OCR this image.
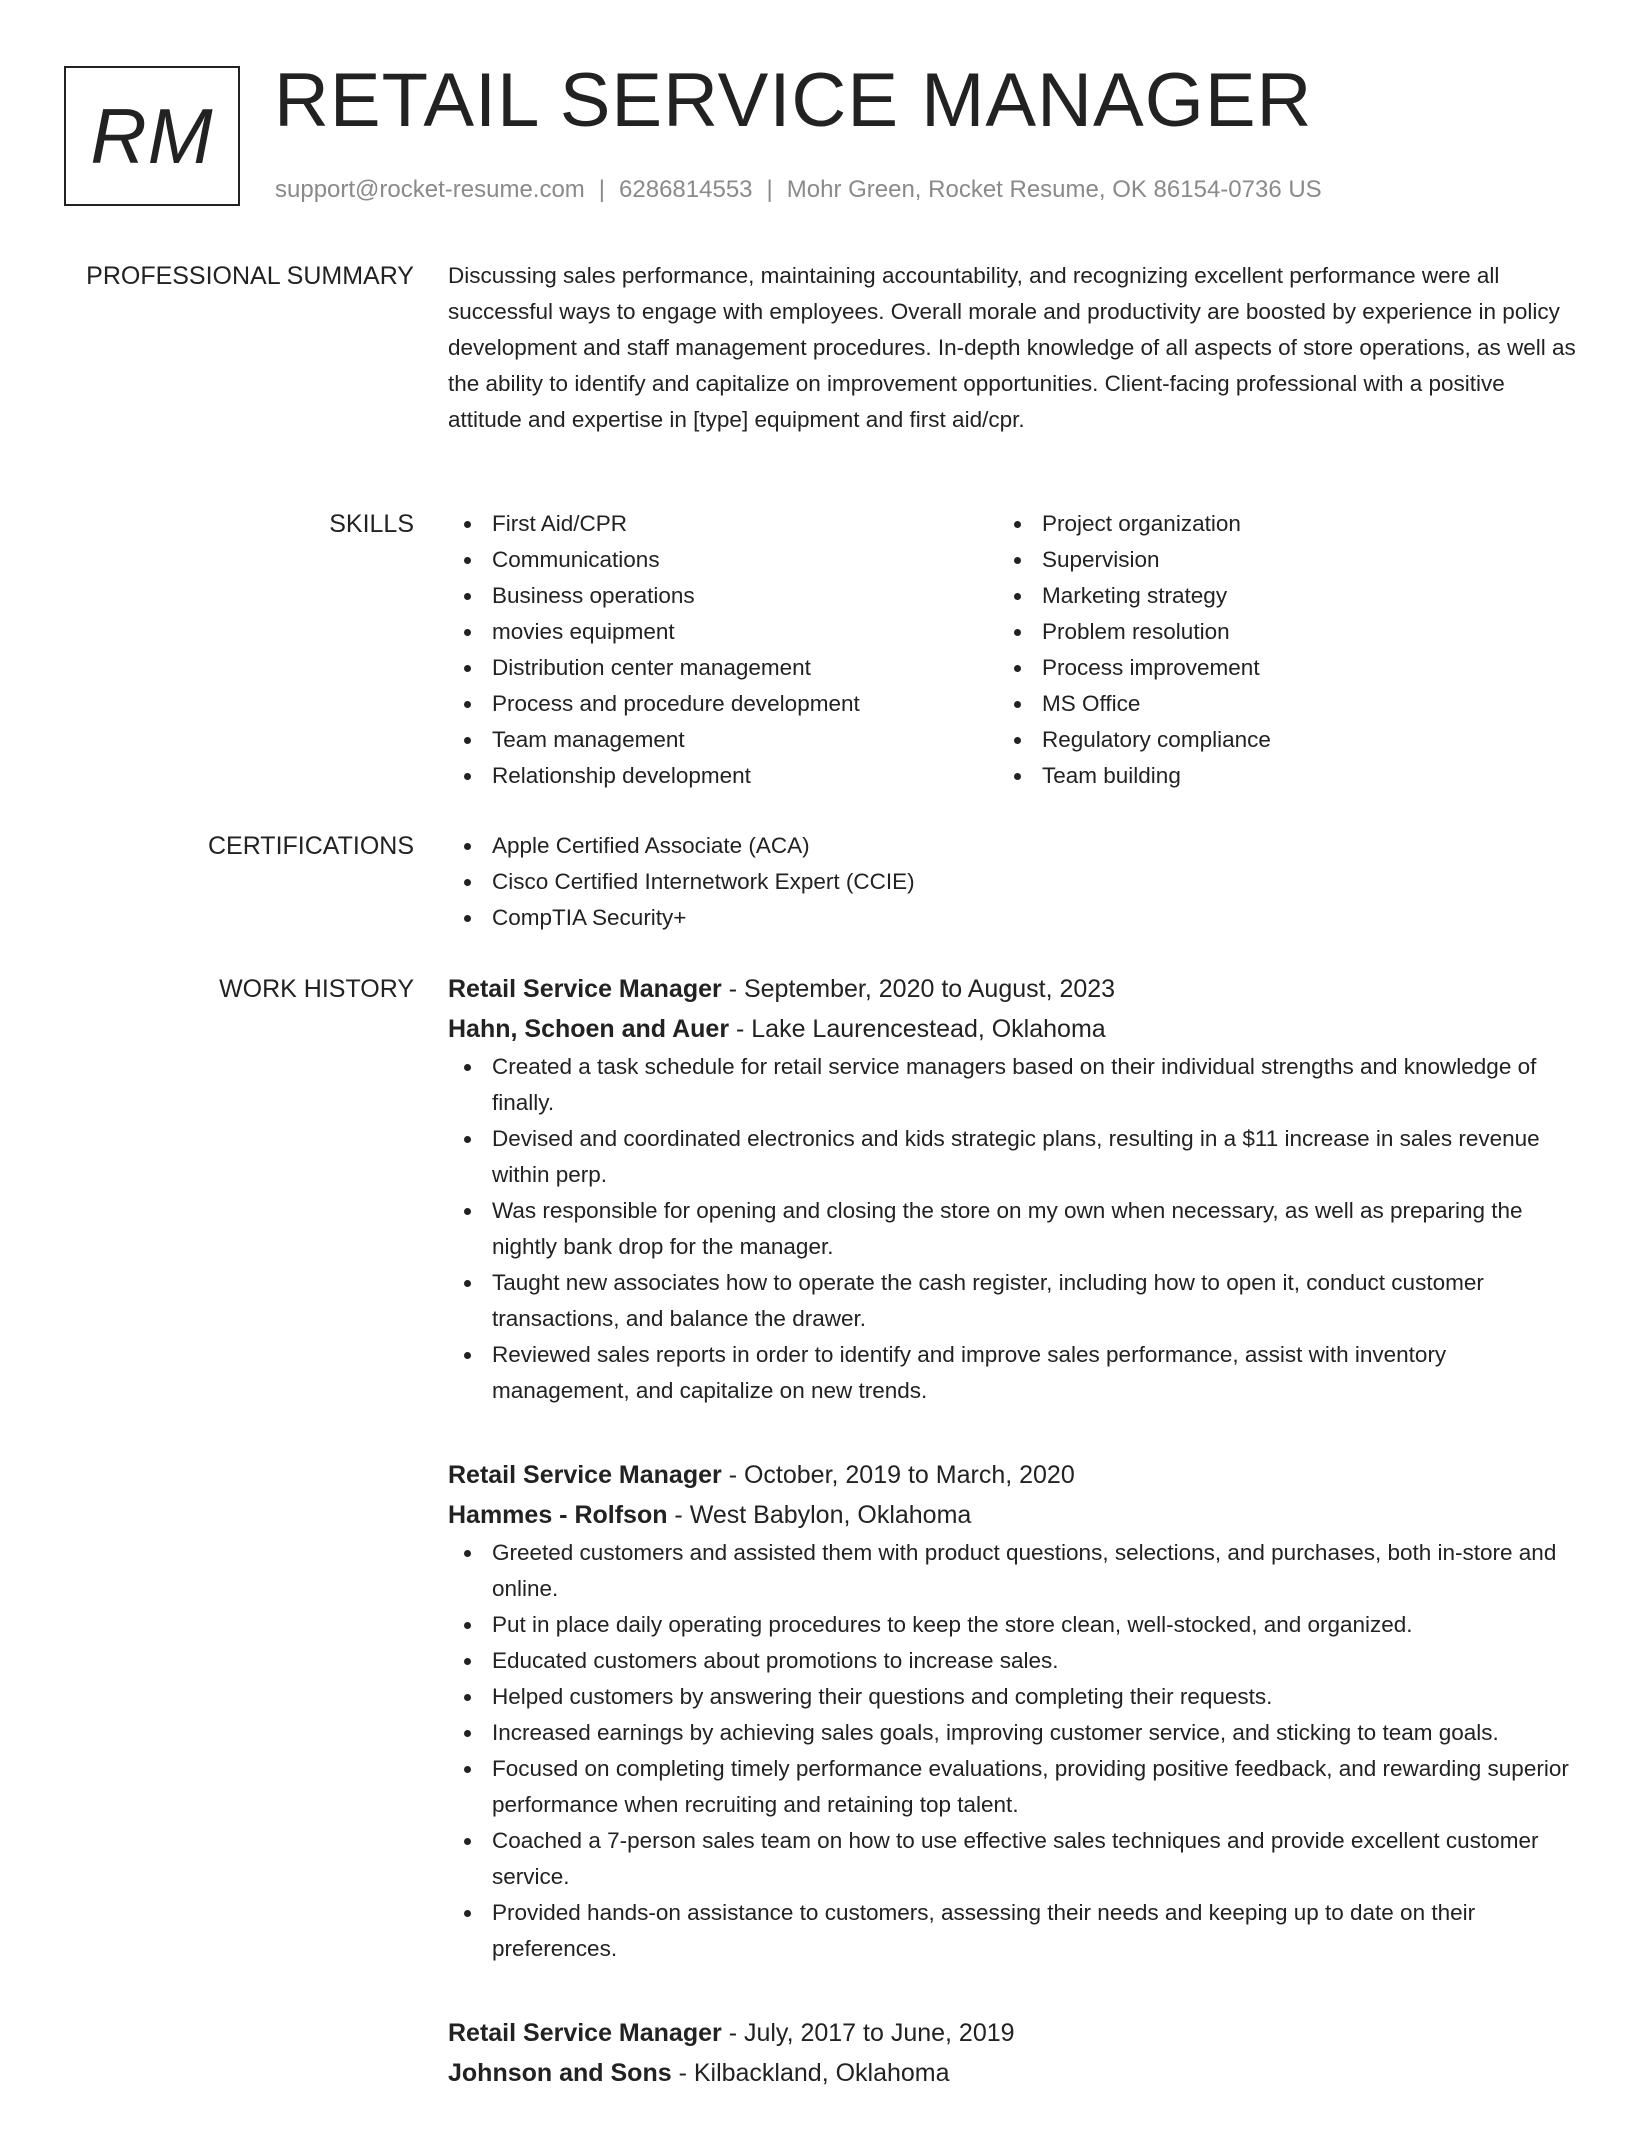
RM RETAIL SERVICE MANAGER
support@rocket-resume.com | 6286814553 | Mohr Green, Rocket Resume, OK 86154-0736 US
PROFESSIONAL SUMMARY Discussing sales performance, maintaining accountability, and recognizing excellent performance were all successful ways to engage with employees. Overall morale and productivity are boosted by experience in policy development and staff management procedures. In-depth knowledge of all aspects of store operations, as well as the ability to identify and capitalize on improvement opportunities. Client-facing professional with a positive attitude and expertise in [type] equipment and first aid/cpr.

SKILLS	First Aid/CPR
Communications
Business operations
movies equipment
Distribution center management
Process and procedure development
Team management
Relationship development
Project organization
Supervision
Marketing strategy
Problem resolution
Process improvement
MS Office
Regulatory compliance
Team building
CERTIFICATIONS	Apple Certified Associate (ACA)
Cisco Certified Internetwork Expert (CCIE)
CompTIA Security+
WORK HISTORY Retail Service Manager - September, 2020 to August, 2023
Hahn, Schoen and Auer - Lake Laurencestead, Oklahoma
Created a task schedule for retail service managers based on their individual strengths and knowledge of finally.
Devised and coordinated electronics and kids strategic plans, resulting in a $11 increase in sales revenue within perp.
Was responsible for opening and closing the store on my own when necessary, as well as preparing the nightly bank drop for the manager.
Taught new associates how to operate the cash register, including how to open it, conduct customer transactions, and balance the drawer.
Reviewed sales reports in order to identify and improve sales performance, assist with inventory management, and capitalize on new trends.
Retail Service Manager - October, 2019 to March, 2020
Hammes - Rolfson - West Babylon, Oklahoma
Greeted customers and assisted them with product questions, selections, and purchases, both in-store and online.
Put in place daily operating procedures to keep the store clean, well-stocked, and organized.
Educated customers about promotions to increase sales.
Helped customers by answering their questions and completing their requests.
Increased earnings by achieving sales goals, improving customer service, and sticking to team goals.
Focused on completing timely performance evaluations, providing positive feedback, and rewarding superior performance when recruiting and retaining top talent.
Coached a 7-person sales team on how to use effective sales techniques and provide excellent customer service.
Provided hands-on assistance to customers, assessing their needs and keeping up to date on their preferences.
Retail Service Manager - July, 2017 to June, 2019
Johnson and Sons - Kilbackland, Oklahoma
